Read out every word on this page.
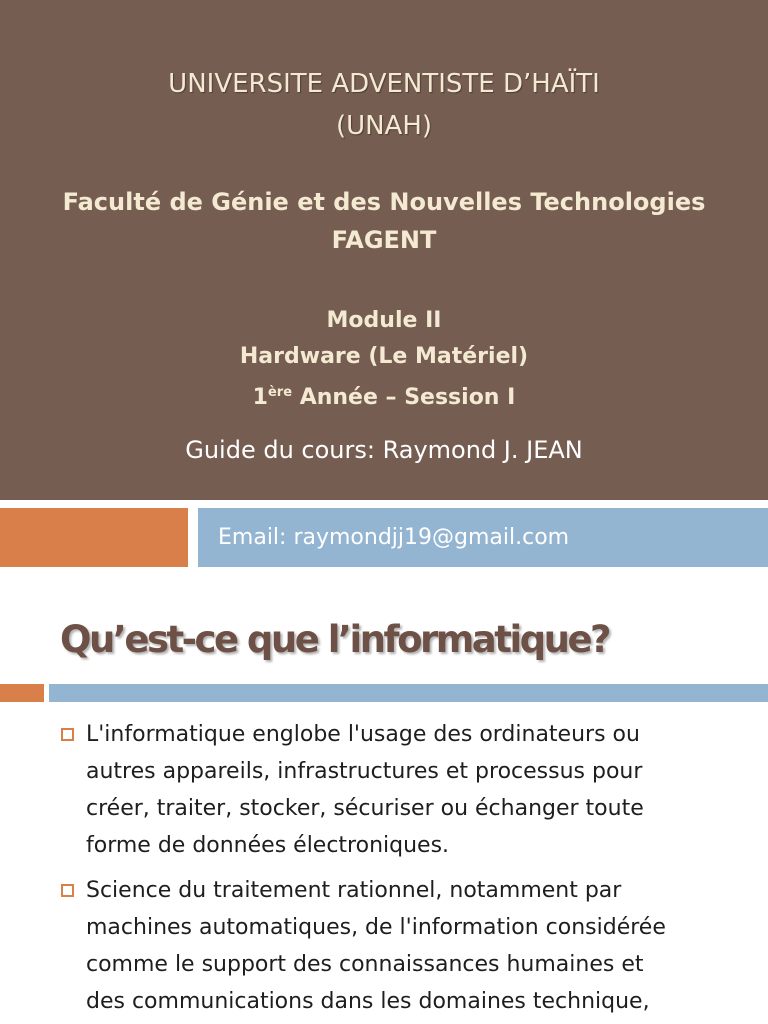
UNIVERSITE ADVENTISTE D’HAÏTI
(UNAH)
Faculté de Génie et des Nouvelles Technologies
FAGENT
Module II
Hardware (Le Matériel)
1ère Année – Session I
Guide du cours: Raymond J. JEAN
Email: raymondjj19@gmail.com
Qu’est-ce que l’informatique?
L'informatique englobe l'usage des ordinateurs ou
autres appareils, infrastructures et processus pour
créer, traiter, stocker, sécuriser ou échanger toute
forme de données électroniques.
Science du traitement rationnel, notamment par
machines automatiques, de l'information considérée
comme le support des connaissances humaines et
des communications dans les domaines technique,
